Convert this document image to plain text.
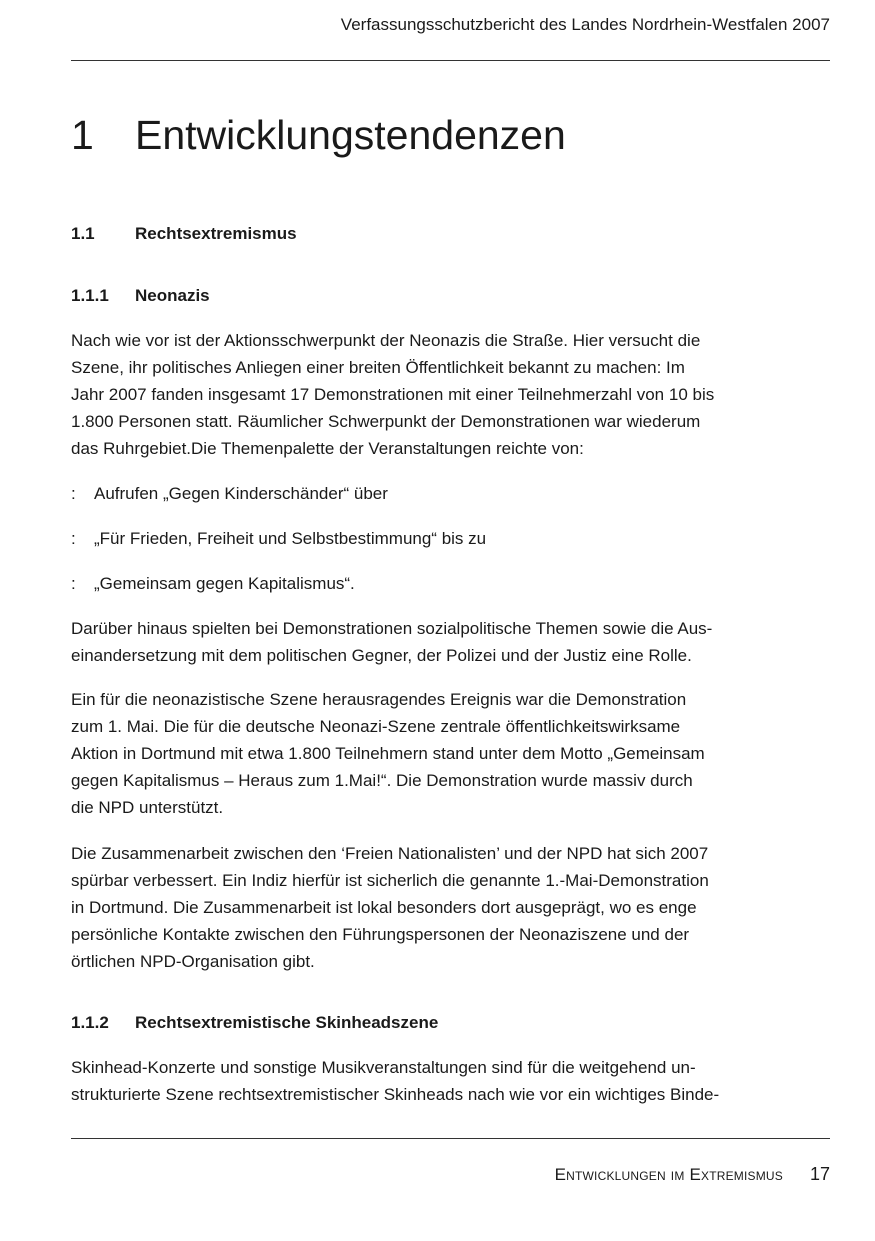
Verfassungsschutzbericht des Landes Nordrhein-Westfalen 2007
1 Entwicklungstendenzen
1.1 Rechtsextremismus
1.1.1 Neonazis

Nach wie vor ist der Aktionsschwerpunkt der Neonazis die Straße. Hier versucht die
Szene, ihr politisches Anliegen einer breiten Öffentlichkeit bekannt zu machen: Im
Jahr 2007 fanden insgesamt 17 Demonstrationen mit einer Teilnehmerzahl von 10 bis
1.800 Personen statt. Räumlicher Schwerpunkt der Demonstrationen war wiederum
das Ruhrgebiet.Die Themenpalette der Veranstaltungen reichte von:

: Aufrufen „Gegen Kinderschänder“ über
: „Für Frieden, Freiheit und Selbstbestimmung“ bis zu
: „Gemeinsam gegen Kapitalismus“.

Darüber hinaus spielten bei Demonstrationen sozialpolitische Themen sowie die Aus-
einandersetzung mit dem politischen Gegner, der Polizei und der Justiz eine Rolle.

Ein für die neonazistische Szene herausragendes Ereignis war die Demonstration
zum 1. Mai. Die für die deutsche Neonazi-Szene zentrale öffentlichkeitswirksame
Aktion in Dortmund mit etwa 1.800 Teilnehmern stand unter dem Motto „Gemeinsam
gegen Kapitalismus – Heraus zum 1.Mai!“. Die Demonstration wurde massiv durch
die NPD unterstützt.

Die Zusammenarbeit zwischen den ‘Freien Nationalisten’ und der NPD hat sich 2007
spürbar verbessert. Ein Indiz hierfür ist sicherlich die genannte 1.-Mai-Demonstration
in Dortmund. Die Zusammenarbeit ist lokal besonders dort ausgeprägt, wo es enge
persönliche Kontakte zwischen den Führungspersonen der Neonaziszene und der
örtlichen NPD-Organisation gibt.

1.1.2 Rechtsextremistische Skinheadszene

Skinhead-Konzerte und sonstige Musikveranstaltungen sind für die weitgehend un-
strukturierte Szene rechtsextremistischer Skinheads nach wie vor ein wichtiges Binde-

Entwicklungen im Extremismus 17
